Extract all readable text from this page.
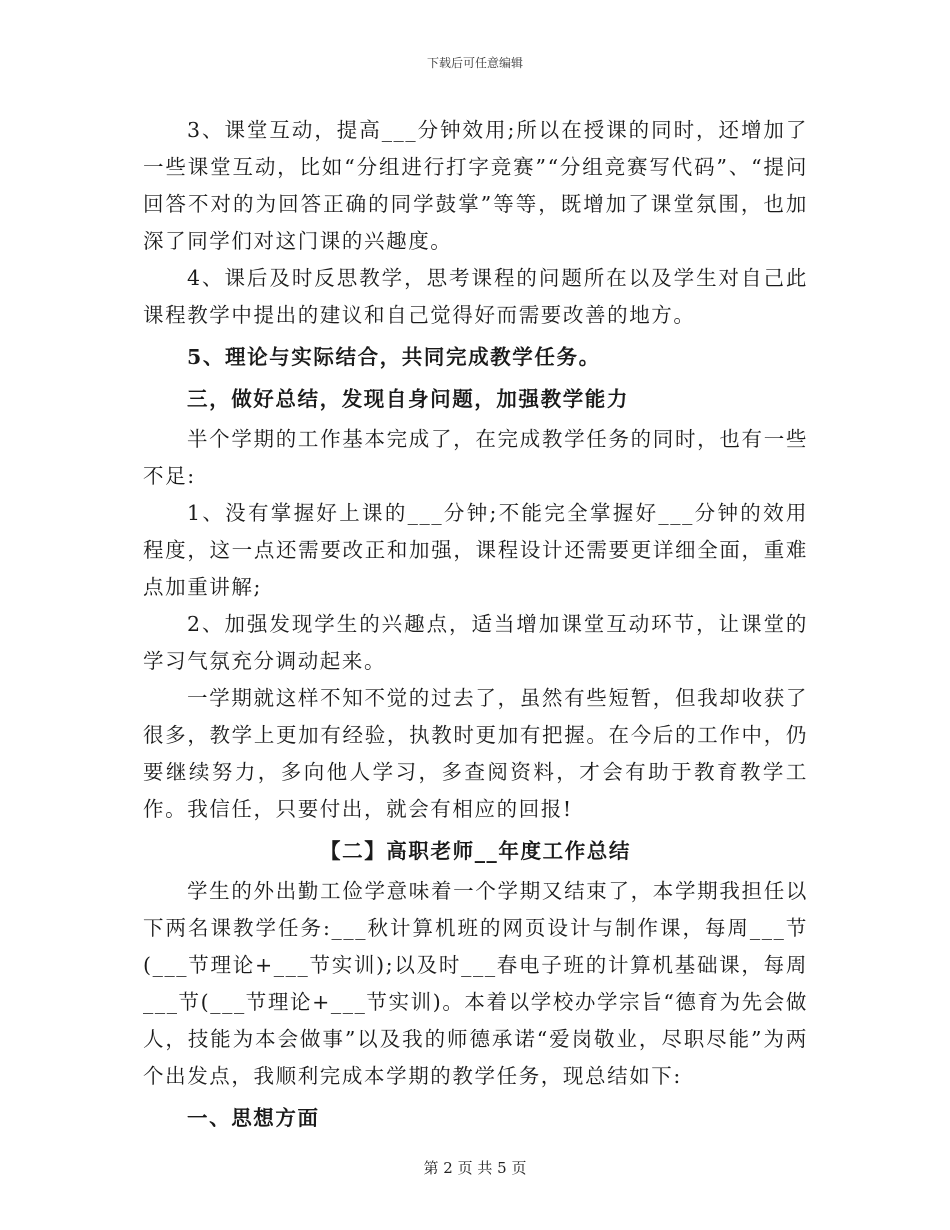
下载后可任意编辑

3、课堂互动，提高___分钟效用;所以在授课的同时，还增加了一些课堂互动，比如“分组进行打字竞赛”“分组竞赛写代码”、“提问回答不对的为回答正确的同学鼓掌”等等，既增加了课堂氛围，也加深了同学们对这门课的兴趣度。

4、课后及时反思教学，思考课程的问题所在以及学生对自己此课程教学中提出的建议和自己觉得好而需要改善的地方。

5、理论与实际结合，共同完成教学任务。

三，做好总结，发现自身问题，加强教学能力

半个学期的工作基本完成了，在完成教学任务的同时，也有一些不足:

1、没有掌握好上课的___分钟;不能完全掌握好___分钟的效用程度，这一点还需要改正和加强，课程设计还需要更详细全面，重难点加重讲解;

2、加强发现学生的兴趣点，适当增加课堂互动环节，让课堂的学习气氛充分调动起来。

一学期就这样不知不觉的过去了，虽然有些短暂，但我却收获了很多，教学上更加有经验，执教时更加有把握。在今后的工作中，仍要继续努力，多向他人学习，多查阅资料，才会有助于教育教学工作。我信任，只要付出，就会有相应的回报!

【二】高职老师__年度工作总结

学生的外出勤工俭学意味着一个学期又结束了，本学期我担任以下两名课教学任务:___秋计算机班的网页设计与制作课，每周___节(___节理论+___节实训);以及时___春电子班的计算机基础课，每周___节(___节理论+___节实训)。本着以学校办学宗旨“德育为先会做人，技能为本会做事”以及我的师德承诺“爱岗敬业，尽职尽能”为两个出发点，我顺利完成本学期的教学任务，现总结如下:

一、思想方面

第 2 页 共 5 页
